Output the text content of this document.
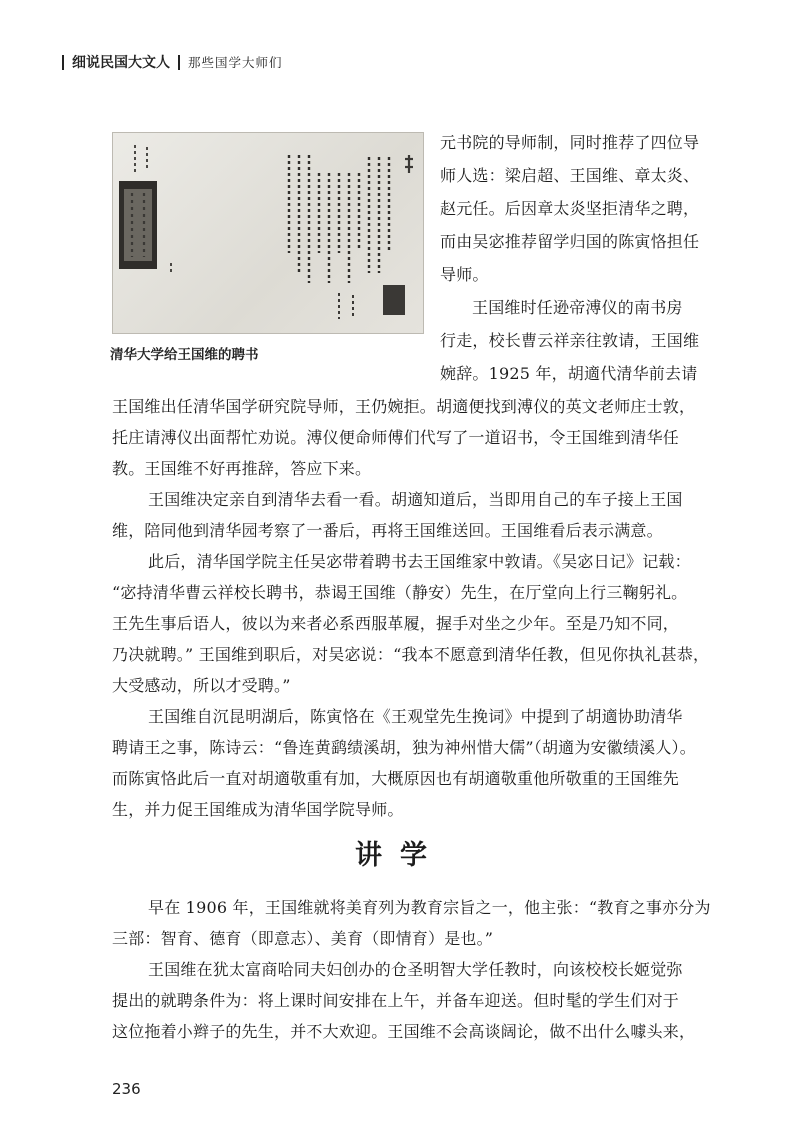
细说民国大文人 那些国学大师们
清华大学给王国维的聘书
元书院的导师制，同时推荐了四位导
师人选：梁启超、王国维、章太炎、
赵元任。后因章太炎坚拒清华之聘，
而由吴宓推荐留学归国的陈寅恪担任
导师。
王国维时任逊帝溥仪的南书房
行走，校长曹云祥亲往敦请，王国维
婉辞。1925 年，胡適代清华前去请
王国维出任清华国学研究院导师，王仍婉拒。胡適便找到溥仪的英文老师庄士敦，
托庄请溥仪出面帮忙劝说。溥仪便命师傅们代写了一道诏书，令王国维到清华任
教。王国维不好再推辞，答应下来。
王国维决定亲自到清华去看一看。胡適知道后，当即用自己的车子接上王国
维，陪同他到清华园考察了一番后，再将王国维送回。王国维看后表示满意。
此后，清华国学院主任吴宓带着聘书去王国维家中敦请。《吴宓日记》记载：
“宓持清华曹云祥校长聘书，恭谒王国维（静安）先生，在厅堂向上行三鞠躬礼。
王先生事后语人，彼以为来者必系西服革履，握手对坐之少年。至是乃知不同，
乃决就聘。” 王国维到职后，对吴宓说：“我本不愿意到清华任教，但见你执礼甚恭，
大受感动，所以才受聘。”
王国维自沉昆明湖后，陈寅恪在《王观堂先生挽词》中提到了胡適协助清华
聘请王之事，陈诗云：“鲁连黄鹞绩溪胡，独为神州惜大儒”（胡適为安徽绩溪人）。
讲学
早在 1906 年，王国维就将美育列为教育宗旨之一，他主张：“教育之事亦分为
三部：智育、德育（即意志）、美育（即情育）是也。”
王国维在犹太富商哈同夫妇创办的仓圣明智大学任教时，向该校校长姬觉弥
提出的就聘条件为：将上课时间安排在上午，并备车迎送。但时髦的学生们对于
这位拖着小辫子的先生，并不大欢迎。王国维不会高谈阔论，做不出什么噱头来，
236
而陈寅恪此后一直对胡適敬重有加，大概原因也有胡適敬重他所敬重的王国维先
生，并力促王国维成为清华国学院导师。
